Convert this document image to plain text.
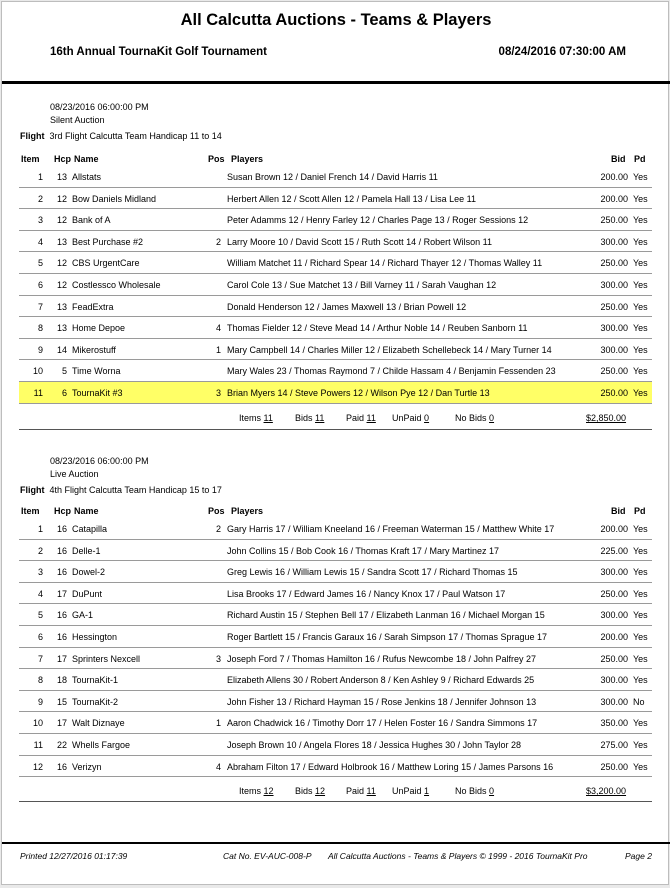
All Calcutta Auctions - Teams & Players
16th Annual TournaKit Golf Tournament	08/24/2016 07:30:00 AM
08/23/2016 06:00:00 PM
Silent Auction
Flight 3rd Flight Calcutta Team Handicap 11 to 14
Item Hcp Name	Pos Players	Bid Pd
1	13 Allstats	Susan Brown 12 / Daniel French 14 / David Harris 11	200.00 Yes
2	12 Bow Daniels Midland	Herbert Allen 12 / Scott Allen 12 / Pamela Hall 13 / Lisa Lee 11	200.00 Yes
3	12 Bank of A	Peter Adamms 12 / Henry Farley 12 / Charles Page 13 / Roger Sessions 12	250.00 Yes
4	13 Best Purchase #2	2 Larry Moore 10 / David Scott 15 / Ruth Scott 14 / Robert Wilson 11	300.00 Yes
5	12 CBS UrgentCare	William Matchet 11 / Richard Spear 14 / Richard Thayer 12 / Thomas Walley 11	250.00 Yes
6	12 Costlessco Wholesale	Carol Cole 13 / Sue Matchet 13 / Bill Varney 11 / Sarah Vaughan 12	300.00 Yes
7	13 FeadExtra	Donald Henderson 12 / James Maxwell 13 / Brian Powell 12	250.00 Yes
8	13 Home Depoe	4 Thomas Fielder 12 / Steve Mead 14 / Arthur Noble 14 / Reuben Sanborn 11	300.00 Yes
9	14 Mikerostuff	1 Mary Campbell 14 / Charles Miller 12 / Elizabeth Schellebeck 14 / Mary Turner 14	300.00 Yes
10	5 Time Worna	Mary Wales 23 / Thomas Raymond 7 / Childe Hassam 4 / Benjamin Fessenden 23	250.00 Yes
11	6 TournaKit #3	3 Brian Myers 14 / Steve Powers 12 / Wilson Pye 12 / Dan Turtle 13	250.00 Yes
Items 11 Bids 11 Paid 11 UnPaid 0	No Bids 0	$2,850.00
08/23/2016 06:00:00 PM
Live Auction
Flight 4th Flight Calcutta Team Handicap 15 to 17
Item Hcp Name	Pos Players	Bid Pd
1	16 Catapilla	2 Gary Harris 17 / William Kneeland 16 / Freeman Waterman 15 / Matthew White 17	200.00 Yes
2	16 Delle-1	John Collins 15 / Bob Cook 16 / Thomas Kraft 17 / Mary Martinez 17	225.00 Yes
3	16 Dowel-2	Greg Lewis 16 / William Lewis 15 / Sandra Scott 17 / Richard Thomas 15	300.00 Yes
4	17 DuPunt	Lisa Brooks 17 / Edward James 16 / Nancy Knox 17 / Paul Watson 17	250.00 Yes
5	16 GA-1	Richard Austin 15 / Stephen Bell 17 / Elizabeth Lanman 16 / Michael Morgan 15	300.00 Yes
6	16 Hessington	Roger Bartlett 15 / Francis Garaux 16 / Sarah Simpson 17 / Thomas Sprague 17	200.00 Yes
7	17 Sprinters Nexcell	3 Joseph Ford 7 / Thomas Hamilton 16 / Rufus Newcombe 18 / John Palfrey 27	250.00 Yes
8	18 TournaKit-1	Elizabeth Allens 30 / Robert Anderson 8 / Ken Ashley 9 / Richard Edwards 25	300.00 Yes
9	15 TournaKit-2	John Fisher 13 / Richard Hayman 15 / Rose Jenkins 18 / Jennifer Johnson 13	300.00 No
10	17 Walt Diznaye	1 Aaron Chadwick 16 / Timothy Dorr 17 / Helen Foster 16 / Sandra Simmons 17	350.00 Yes
11	22 Whells Fargoe	Joseph Brown 10 / Angela Flores 18 / Jessica Hughes 30 / John Taylor 28	275.00 Yes
12	16 Verizyn	4 Abraham Filton 17 / Edward Holbrook 16 / Matthew Loring 15 / James Parsons 16	250.00 Yes
Items 12 Bids 12 Paid 11 UnPaid 1	No Bids 0	$3,200.00
Printed 12/27/2016 01:17:39	Cat No. EV-AUC-008-P All Calcutta Auctions - Teams & Players © 1999 - 2016 TournaKit Pro	Page 2
